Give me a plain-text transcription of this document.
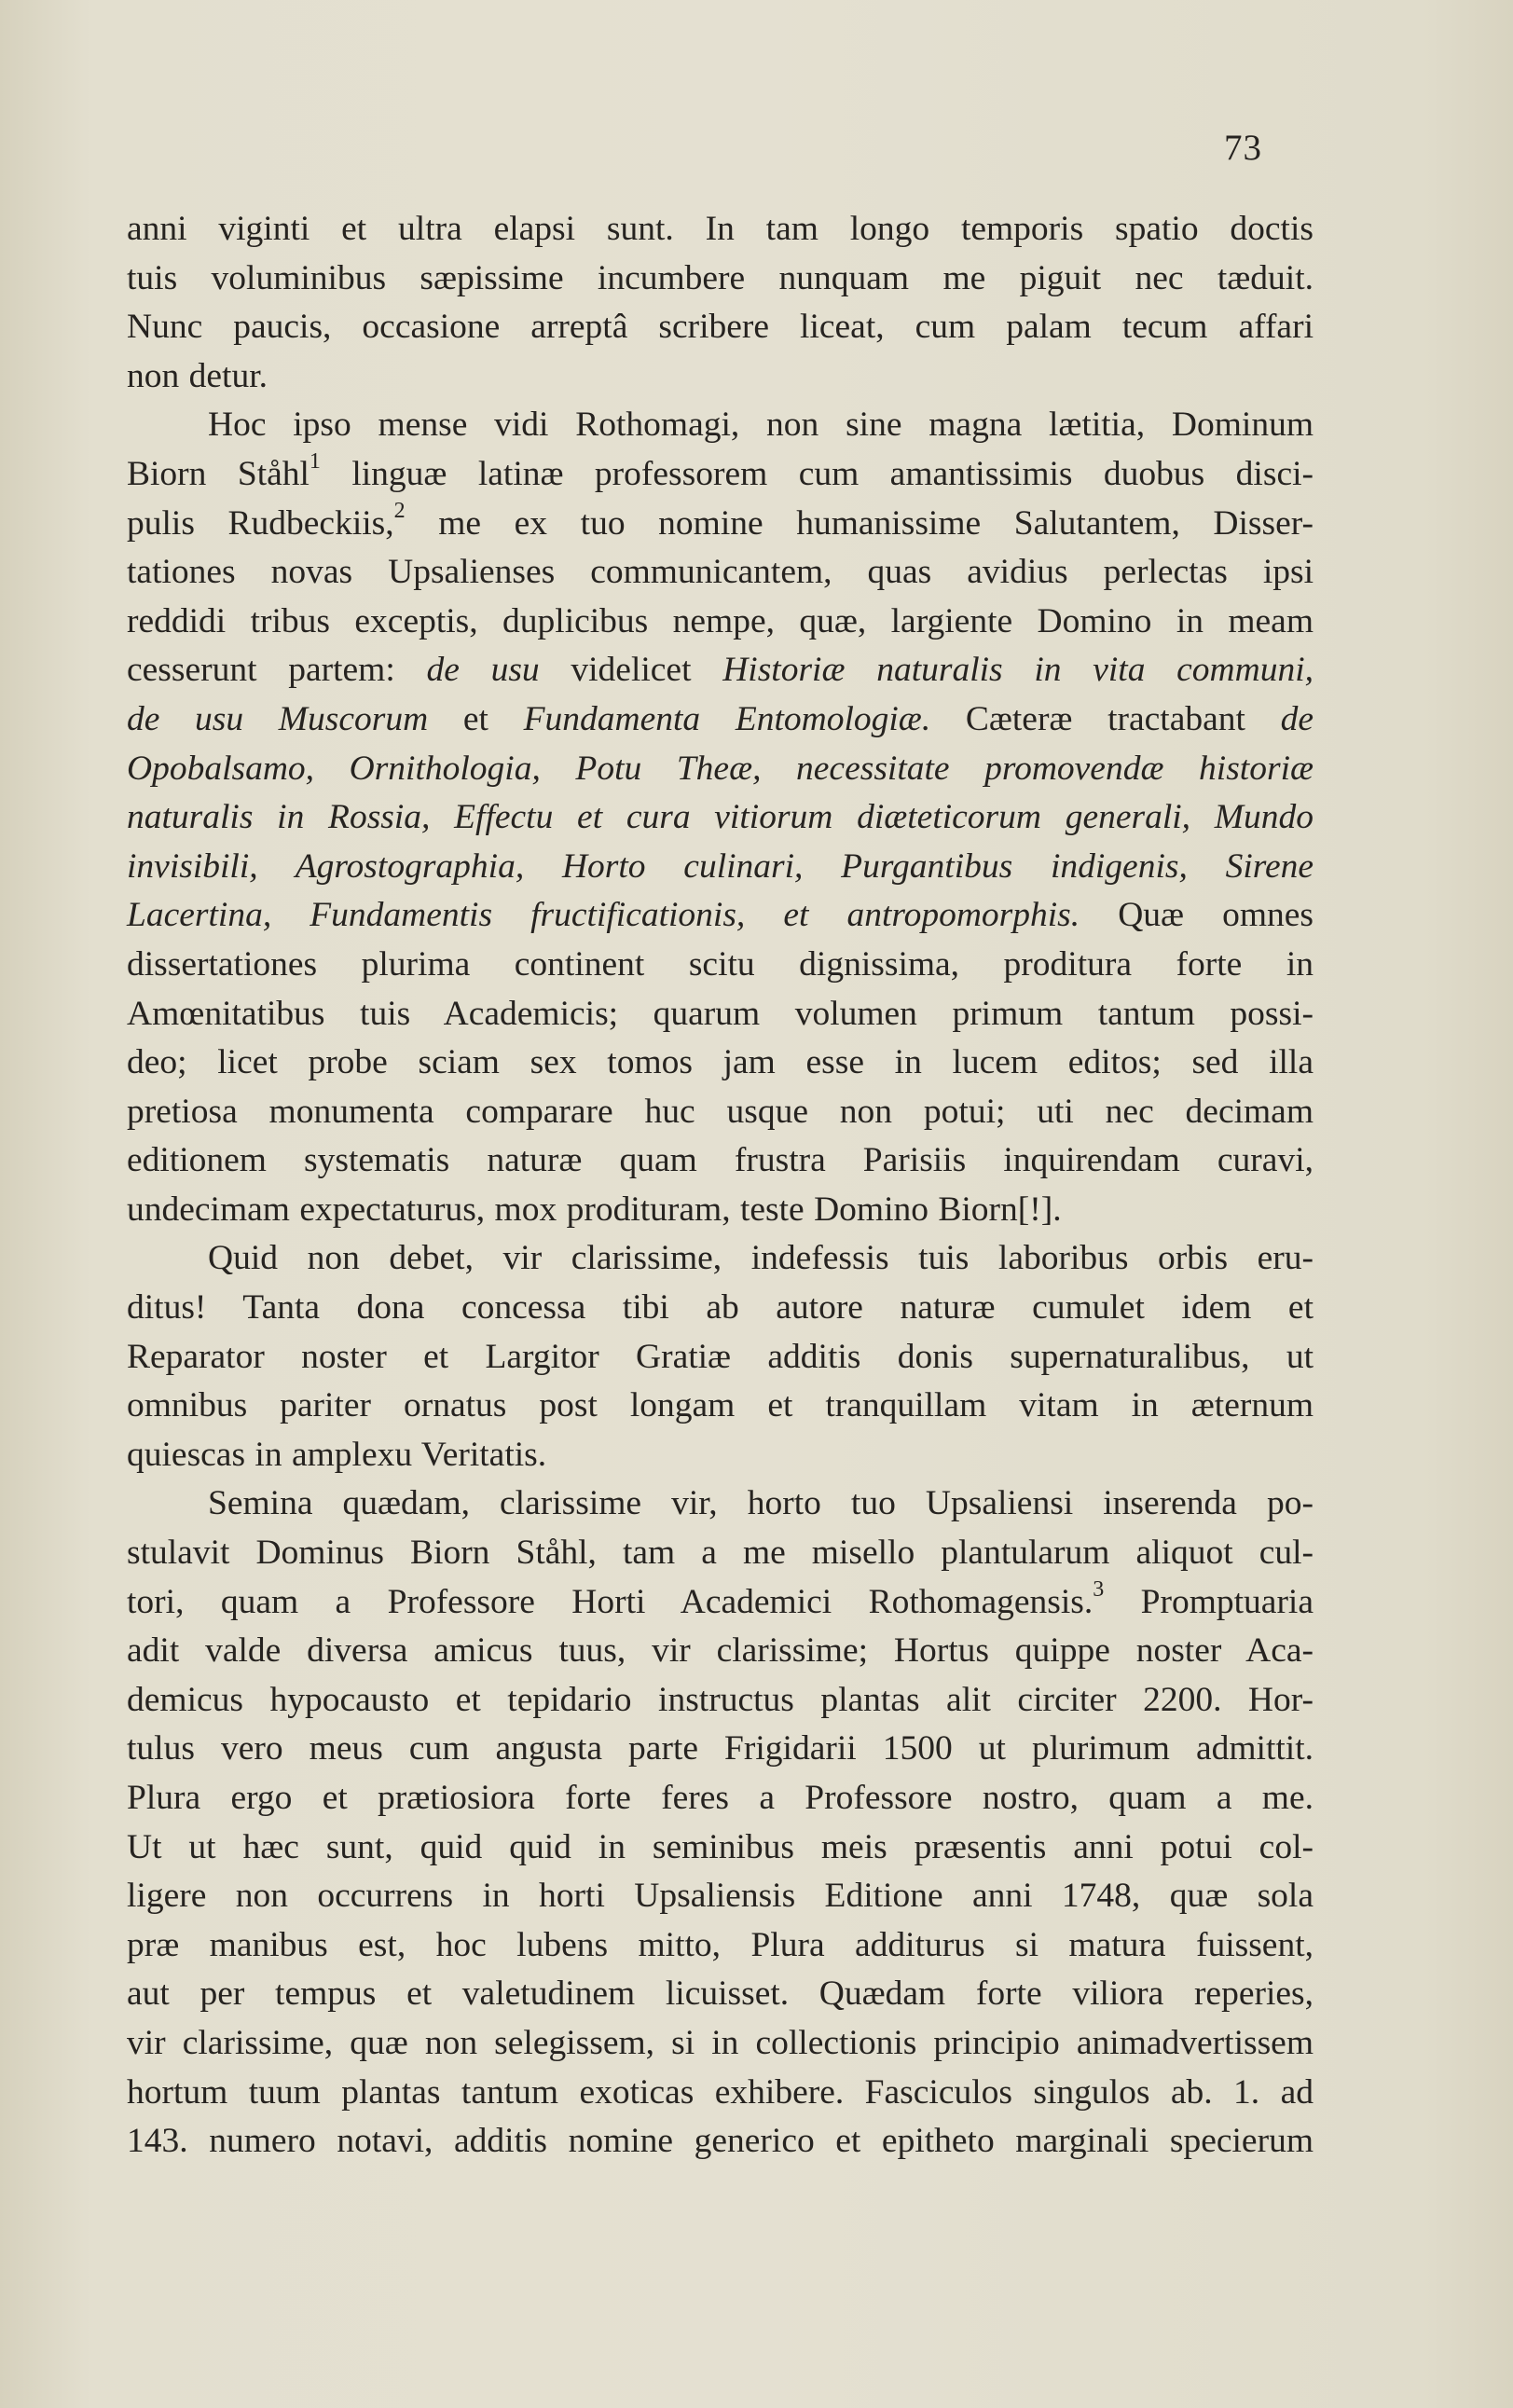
73
anni viginti et ultra elapsi sunt. In tam longo temporis spatio doctis
tuis voluminibus sæpissime incumbere nunquam me piguit nec tæduit.
Nunc paucis, occasione arreptâ scribere liceat, cum palam tecum affari
non detur.
Hoc ipso mense vidi Rothomagi, non sine magna lætitia, Dominum
Biorn Ståhl$^1$ linguæ latinæ professorem cum amantissimis duobus disci-
pulis Rudbeckiis,$^2$ me ex tuo nomine humanissime Salutantem, Disser-
tationes novas Upsalienses communicantem, quas avidius perlectas ipsi
reddidi tribus exceptis, duplicibus nempe, quæ, largiente Domino in meam
cesserunt partem: de usu videlicet Historiæ naturalis in vita communi,
de usu Muscorum et Fundamenta Entomologiæ. Cæteræ tractabant de
Opobalsamo, Ornithologia, Potu Theæ, necessitate promovendæ historiæ
naturalis in Rossia, Effectu et cura vitiorum diæteticorum generali, Mundo
invisibili, Agrostographia, Horto culinari, Purgantibus indigenis, Sirene
Lacertina, Fundamentis fructificationis, et antropomorphis. Quæ omnes
dissertationes plurima continent scitu dignissima, proditura forte in
Amœnitatibus tuis Academicis; quarum volumen primum tantum possi-
deo; licet probe sciam sex tomos jam esse in lucem editos; sed illa
pretiosa monumenta comparare huc usque non potui; uti nec decimam
editionem systematis naturæ quam frustra Parisiis inquirendam curavi,
undecimam expectaturus, mox prodituram, teste Domino Biorn[!].
Quid non debet, vir clarissime, indefessis tuis laboribus orbis eru-
ditus! Tanta dona concessa tibi ab autore naturæ cumulet idem et
Reparator noster et Largitor Gratiæ additis donis supernaturalibus, ut
omnibus pariter ornatus post longam et tranquillam vitam in æternum
quiescas in amplexu Veritatis.
Semina quædam, clarissime vir, horto tuo Upsaliensi inserenda po-
stulavit Dominus Biorn Ståhl, tam a me misello plantularum aliquot cul-
tori, quam a Professore Horti Academici Rothomagensis.$^3$ Promptuaria
adit valde diversa amicus tuus, vir clarissime; Hortus quippe noster Aca-
demicus hypocausto et tepidario instructus plantas alit circiter 2200. Hor-
tulus vero meus cum angusta parte Frigidarii 1500 ut plurimum admittit.
Plura ergo et prætiosiora forte feres a Professore nostro, quam a me.
Ut ut hæc sunt, quid quid in seminibus meis præsentis anni potui col-
ligere non occurrens in horti Upsaliensis Editione anni 1748, quæ sola
præ manibus est, hoc lubens mitto, Plura additurus si matura fuissent,
aut per tempus et valetudinem licuisset. Quædam forte viliora reperies,
vir clarissime, quæ non selegissem, si in collectionis principio animadvertissem
hortum tuum plantas tantum exoticas exhibere. Fasciculos singulos ab. 1. ad
143. numero notavi, additis nomine generico et epitheto marginali specierum
